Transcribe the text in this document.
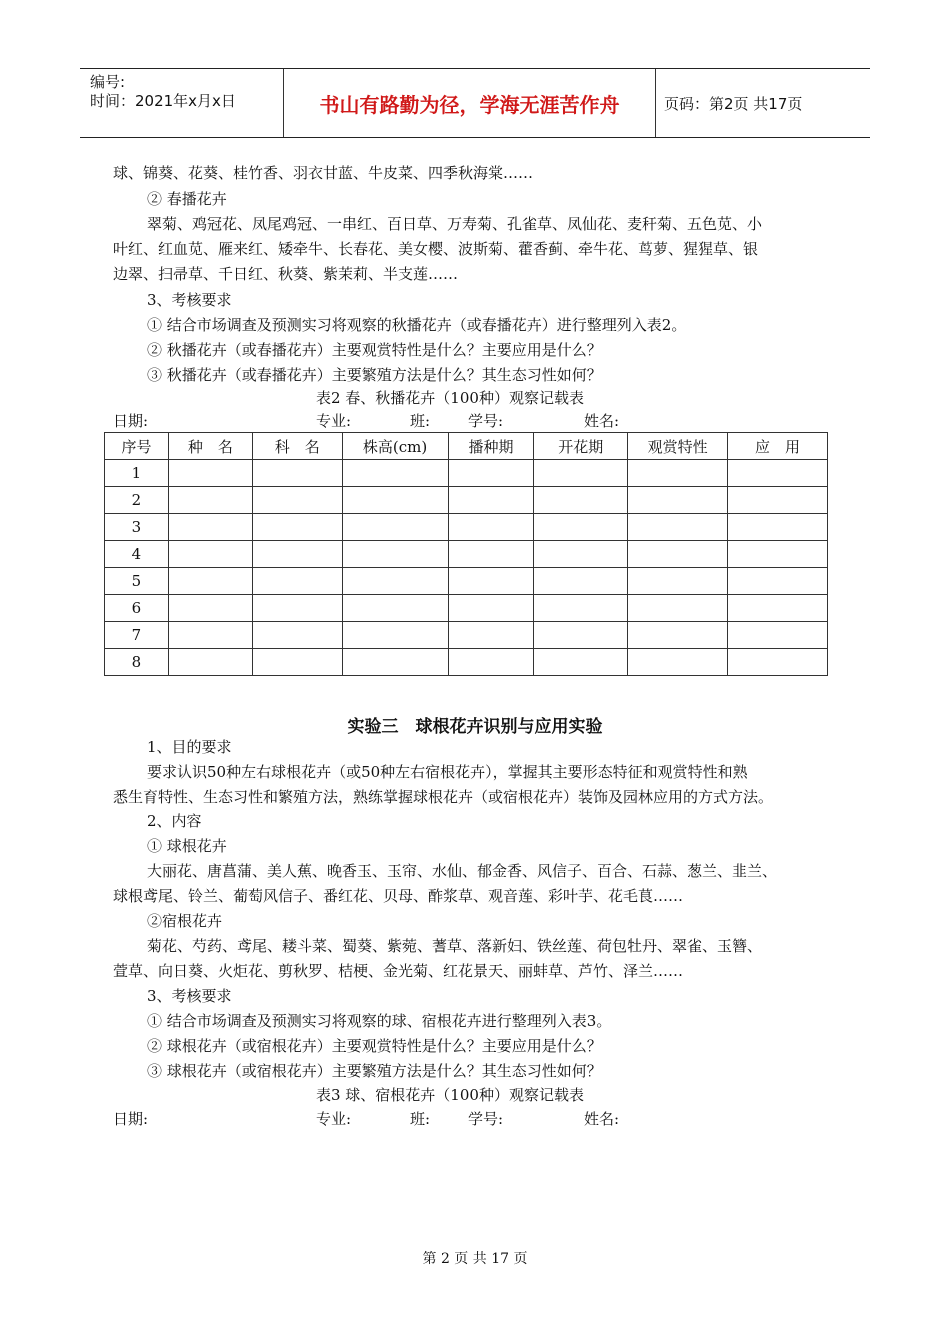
编号:
时间：2021年x月x日	书山有路勤为径，学海无涯苦作舟	页码：第2页 共17页
球、锦葵、花葵、桂竹香、羽衣甘蓝、牛皮菜、四季秋海棠……
② 春播花卉
翠菊、鸡冠花、凤尾鸡冠、一串红、百日草、万寿菊、孔雀草、凤仙花、麦秆菊、五色苋、小
叶红、红血苋、雁来红、矮牵牛、长春花、美女樱、波斯菊、藿香蓟、牵牛花、茑萝、猩猩草、银
边翠、扫帚草、千日红、秋葵、紫茉莉、半支莲……
3、考核要求
① 结合市场调查及预测实习将观察的秋播花卉（或春播花卉）进行整理列入表2。
② 秋播花卉（或春播花卉）主要观赏特性是什么？主要应用是什么？
③ 秋播花卉（或春播花卉）主要繁殖方法是什么？其生态习性如何？
表2 春、秋播花卉（100种）观察记载表
日期:	专业:	班:	学号:	姓名:
序号	种　名	科　名	株高(cm)	播种期	开花期	观赏特性	应　用
1							
2							
3							
4							
5							
6							
7							
8							
实验三　球根花卉识别与应用实验
1、目的要求
要求认识50种左右球根花卉（或50种左右宿根花卉），掌握其主要形态特征和观赏特性和熟
悉生育特性、生态习性和繁殖方法，熟练掌握球根花卉（或宿根花卉）装饰及园林应用的方式方法。
2、内容
① 球根花卉
大丽花、唐菖蒲、美人蕉、晚香玉、玉帘、水仙、郁金香、风信子、百合、石蒜、葱兰、韭兰、
球根鸢尾、铃兰、葡萄风信子、番红花、贝母、酢浆草、观音莲、彩叶芋、花毛茛……
②宿根花卉
菊花、芍药、鸢尾、耧斗菜、蜀葵、紫菀、蓍草、落新妇、铁丝莲、荷包牡丹、翠雀、玉簪、
萱草、向日葵、火炬花、剪秋罗、桔梗、金光菊、红花景天、丽蚌草、芦竹、泽兰……
3、考核要求
① 结合市场调查及预测实习将观察的球、宿根花卉进行整理列入表3。
② 球根花卉（或宿根花卉）主要观赏特性是什么？主要应用是什么？
③ 球根花卉（或宿根花卉）主要繁殖方法是什么？其生态习性如何？
表3 球、宿根花卉（100种）观察记载表
日期:	专业:	班:	学号:	姓名:
第 2 页 共 17 页
